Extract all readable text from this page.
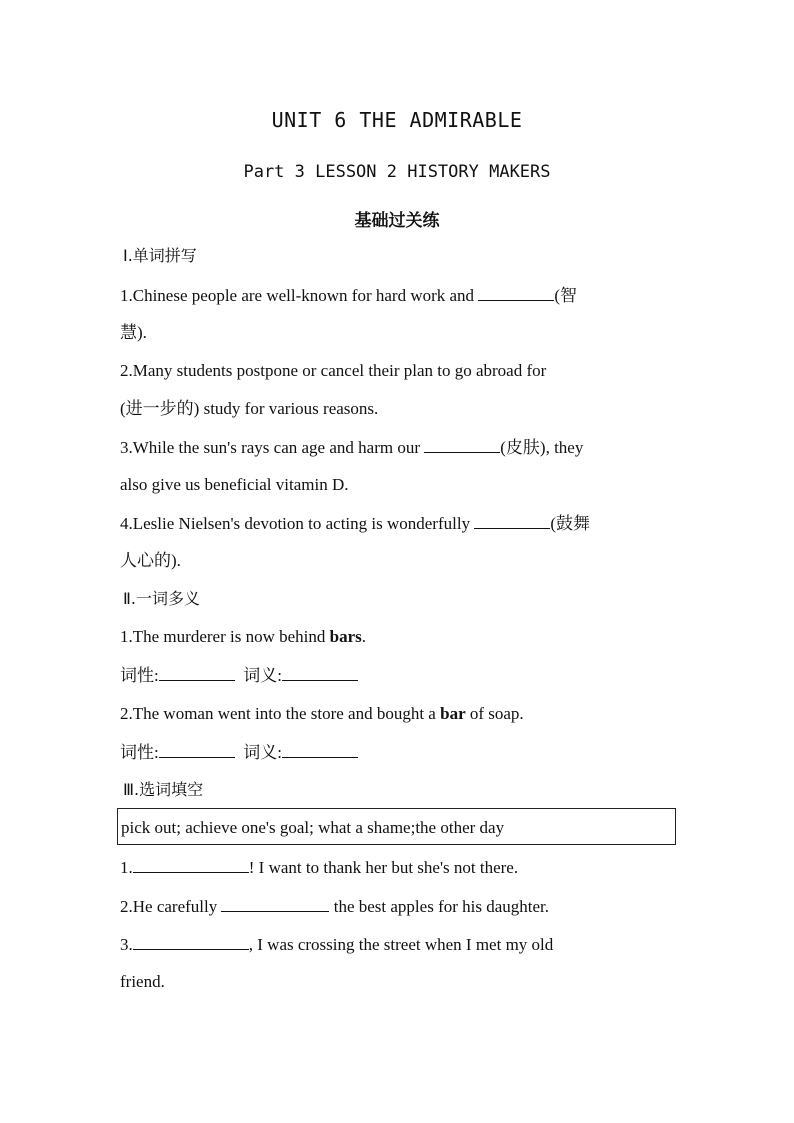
UNIT 6 THE ADMIRABLE
Part 3 LESSON 2 HISTORY MAKERS
基础过关练
Ⅰ.单词拼写
1.Chinese people are well-known for hard work and	(智
慧).
2.Many students postpone or cancel their plan to go abroad for
(进一步的) study for various reasons.
3.While the sun's rays can age and harm our	(皮肤), they
also give us beneficial vitamin D.
4.Leslie Nielsen's devotion to acting is wonderfully	(鼓舞
人心的).
Ⅱ.一词多义
1.The murderer is now behind bars.
词性:	词义:
2.The woman went into the store and bought a bar of soap.
词性:	词义:
Ⅲ.选词填空
pick out; achieve one's goal; what a shame;the other day
1.	! I want to thank her but she's not there.
2.He carefully	the best apples for his daughter.
3.	, I was crossing the street when I met my old
friend.
